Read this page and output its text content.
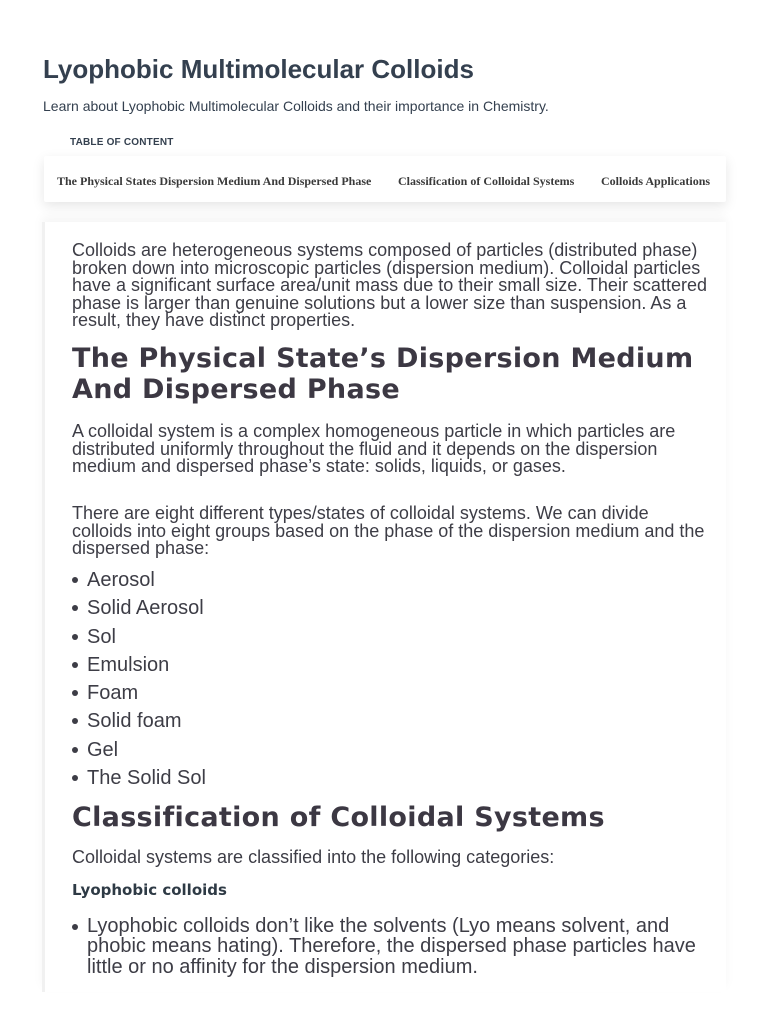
Lyophobic Multimolecular Colloids
Learn about Lyophobic Multimolecular Colloids and their importance in Chemistry.
TABLE OF CONTENT
The Physical States Dispersion Medium And Dispersed Phase Classification of Colloidal Systems Colloids Applications

Colloids are heterogeneous systems composed of particles (distributed phase) broken down into microscopic particles (dispersion medium). Colloidal particles have a significant surface area/unit mass due to their small size. Their scattered phase is larger than genuine solutions but a lower size than suspension. As a result, they have distinct properties.

The Physical State’s Dispersion Medium And Dispersed Phase

A colloidal system is a complex homogeneous particle in which particles are distributed uniformly throughout the fluid and it depends on the dispersion medium and dispersed phase’s state: solids, liquids, or gases.

There are eight different types/states of colloidal systems. We can divide colloids into eight groups based on the phase of the dispersion medium and the dispersed phase:

Aerosol
Solid Aerosol
Sol
Emulsion
Foam
Solid foam
Gel
The Solid Sol
Classification of Colloidal Systems

Colloidal systems are classified into the following categories:

Lyophobic colloids
Lyophobic colloids don’t like the solvents (Lyo means solvent, and phobic means hating). Therefore, the dispersed phase particles have little or no affinity for the dispersion medium.
